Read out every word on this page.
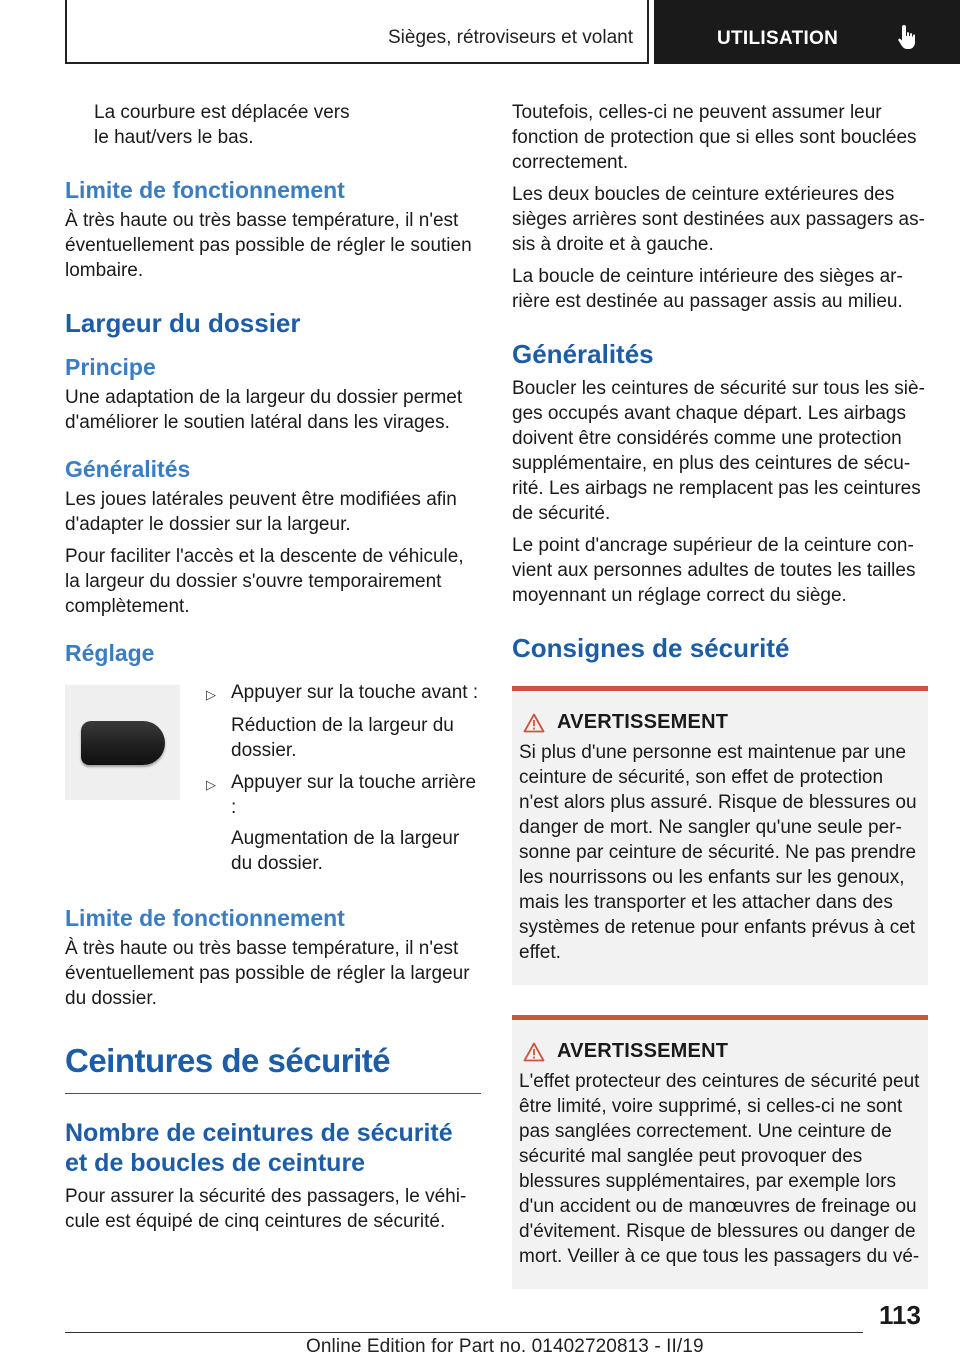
Sièges, rétroviseurs et volant	UTILISATION

La courbure est déplacée vers
le haut/vers le bas.

Limite de fonctionnement

À très haute ou très basse température, il n'est éventuellement pas possible de régler le soutien lombaire.

Largeur du dossier
Principe

Une adaptation de la largeur du dossier permet d'améliorer le soutien latéral dans les virages.

Généralités

Les joues latérales peuvent être modifiées afin d'adapter le dossier sur la largeur.

Pour faciliter l'accès et la descente de véhicule, la largeur du dossier s'ouvre temporairement complètement.

Réglage
▷ Appuyer sur la touche avant :
Réduction de la largeur du dossier.
▷ Appuyer sur la touche arrière :
Augmentation de la largeur du dossier.
Limite de fonctionnement

À très haute ou très basse température, il n'est éventuellement pas possible de régler la largeur du dossier.

Ceintures de sécurité
Nombre de ceintures de sécurité et de boucles de ceinture

Pour assurer la sécurité des passagers, le véhicule est équipé de cinq ceintures de sécurité.

Toutefois, celles-ci ne peuvent assumer leur fonction de protection que si elles sont bouclées correctement.

Les deux boucles de ceinture extérieures des sièges arrières sont destinées aux passagers assis à droite et à gauche.

La boucle de ceinture intérieure des sièges arrière est destinée au passager assis au milieu.

Généralités

Boucler les ceintures de sécurité sur tous les sièges occupés avant chaque départ. Les airbags doivent être considérés comme une protection supplémentaire, en plus des ceintures de sécurité. Les airbags ne remplacent pas les ceintures de sécurité.

Le point d'ancrage supérieur de la ceinture convient aux personnes adultes de toutes les tailles moyennant un réglage correct du siège.

Consignes de sécurité
AVERTISSEMENT

Si plus d'une personne est maintenue par une ceinture de sécurité, son effet de protection n'est alors plus assuré. Risque de blessures ou danger de mort. Ne sangler qu'une seule personne par ceinture de sécurité. Ne pas prendre les nourrissons ou les enfants sur les genoux, mais les transporter et les attacher dans des systèmes de retenue pour enfants prévus à cet effet.

AVERTISSEMENT

L'effet protecteur des ceintures de sécurité peut être limité, voire supprimé, si celles-ci ne sont pas sanglées correctement. Une ceinture de sécurité mal sanglée peut provoquer des blessures supplémentaires, par exemple lors d'un accident ou de manœuvres de freinage ou d'évitement. Risque de blessures ou danger de mort. Veiller à ce que tous les passagers du vé-

113
Online Edition for Part no. 01402720813 - II/19
